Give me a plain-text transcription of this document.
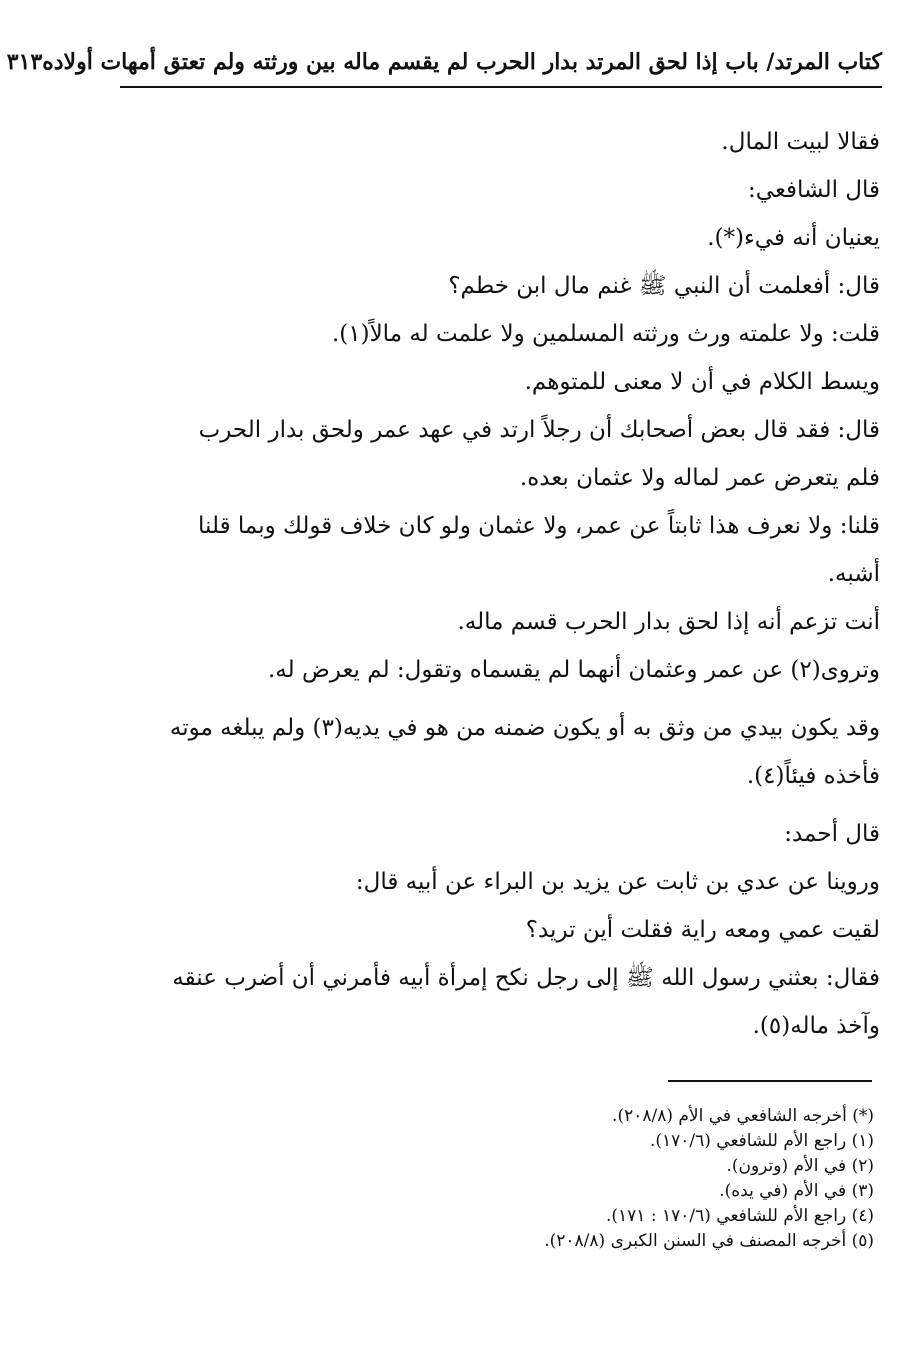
كتاب المرتد/ باب إذا لحق المرتد بدار الحرب لم يقسم ماله بين ورثته ولم تعتق أمهات أولاده
٣١٣
فقالا لبيت المال.
قال الشافعي:
يعنيان أنه فيء(*).
قال: أفعلمت أن النبي ﷺ غنم مال ابن خطم؟
قلت: ولا علمته ورث ورثته المسلمين ولا علمت له مالاً(١).
ويسط الكلام في أن لا معنى للمتوهم.
قال: فقد قال بعض أصحابك أن رجلاً ارتد في عهد عمر ولحق بدار الحرب
فلم يتعرض عمر لماله ولا عثمان بعده.
قلنا: ولا نعرف هذا ثابتاً عن عمر، ولا عثمان ولو كان خلاف قولك وبما قلنا
أشبه.
أنت تزعم أنه إذا لحق بدار الحرب قسم ماله.
وتروى(٢) عن عمر وعثمان أنهما لم يقسماه وتقول: لم يعرض له.
وقد يكون بيدي من وثق به أو يكون ضمنه من هو في يديه(٣) ولم يبلغه موته
فأخذه فيئاً(٤).
قال أحمد:
وروينا عن عدي بن ثابت عن يزيد بن البراء عن أبيه قال:
لقيت عمي ومعه راية فقلت أين تريد؟
فقال: بعثني رسول الله ﷺ إلى رجل نكح إمرأة أبيه فأمرني أن أضرب عنقه
وآخذ ماله(٥).
(*) أخرجه الشافعي في الأم (٢٠٨/٨).
(١) راجع الأم للشافعي (١٧٠/٦).
(٢) في الأم (وترون).
(٣) في الأم (في يده).
(٤) راجع الأم للشافعي (١٧٠/٦ : ١٧١).
(٥) أخرجه المصنف في السنن الكبرى (٢٠٨/٨).
